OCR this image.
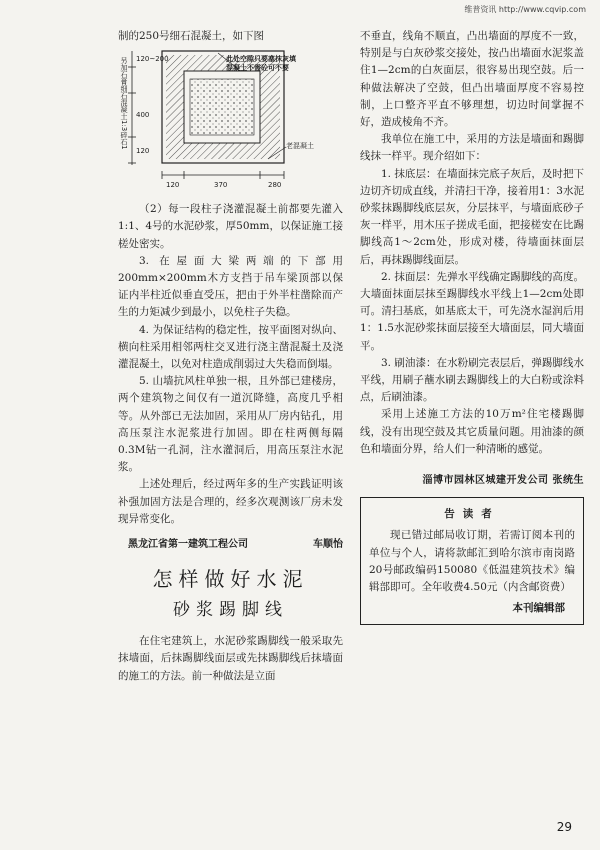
维普资讯 http://www.cqvip.com

制的250号细石混凝土，如下图

此处空隙只要塞抹灰填
混凝土不需砼可不要
老混凝土
另加石膏细石混凝土1:3碎石1 120~200
400
120
120	370	280

（2）每一段柱子浇灌混凝土前都要先灌入1:1、4号的水泥砂浆，厚50mm，以保证施工接槎处密实。

3. 在屋面大梁两端的下部用200mm×200mm木方支挡于吊车梁顶部以保证内半柱近似垂直受压，把由于外半柱凿除而产生的力矩减少到最小，以免柱子失稳。

4. 为保证结构的稳定性，按平面图对纵向、横向柱采用相邻两柱交叉进行浇主凿混凝土及浇灌混凝土，以免对柱造成削弱过大失稳而倒塌。

5. 山墙抗风柱单独一根，且外部已建楼房，两个建筑物之间仅有一道沉降缝，高度几乎相等。从外部已无法加固，采用从厂房内钻孔，用高压泵注水泥浆进行加固。即在柱两侧每隔0.3M钻一孔洞，注水灌洞后，用高压泵注水泥浆。

上述处理后，经过两年多的生产实践证明该补强加固方法是合理的，经多次观测该厂房未发现异常变化。

黑龙江省第一建筑工程公司	车顺怡
怎样做好水泥
砂浆踢脚线

在住宅建筑上，水泥砂浆踢脚线一般采取先抹墙面，后抹踢脚线面层或先抹踢脚线后抹墙面的施工的方法。前一种做法是立面

不垂直，线角不顺直，凸出墙面的厚度不一致，特别是与白灰砂浆交接处，按凸出墙面水泥浆盖住1—2cm的白灰面层，很容易出现空鼓。后一种做法解决了空鼓，但凸出墙面厚度不容易控制，上口整齐平直不够理想，切边时间掌握不好，造成棱角不齐。

我单位在施工中，采用的方法是墙面和踢脚线抹一样平。现介绍如下：

1. 抹底层：在墙面抹完底子灰后，及时把下边切齐切成直线，并清扫干净，接着用1：3水泥砂浆抹踢脚线底层灰，分层抹平，与墙面底砂子灰一样平，用木压子搓成毛面，把接槎安在比踢脚线高1～2cm处，形成对楼，待墙面抹面层后，再抹踢脚线面层。

2. 抹面层：先弹水平线确定踢脚线的高度。大墙面抹面层抹至踢脚线水平线上1—2cm处即可。清扫基底，如基底太干，可先浇水湿润后用1：1.5水泥砂浆抹面层接至大墙面层，同大墙面平。

3. 刷油漆：在水粉刷完表层后，弹踢脚线水平线，用刷子蘸水刷去踢脚线上的大白粉或涂料点，后刷油漆。

采用上述施工方法的10万m²住宅楼踢脚线，没有出现空鼓及其它质量问题。用油漆的颜色和墙面分界，给人们一种清晰的感觉。

淄博市园林区城建开发公司 张统生
告读者

现已错过邮局收订期，若需订阅本刊的单位与个人，请将款邮汇到哈尔滨市南岗路20号邮政编码150080《低温建筑技术》编辑部即可。全年收费4.50元（内含邮资费）

本刊编辑部
29
